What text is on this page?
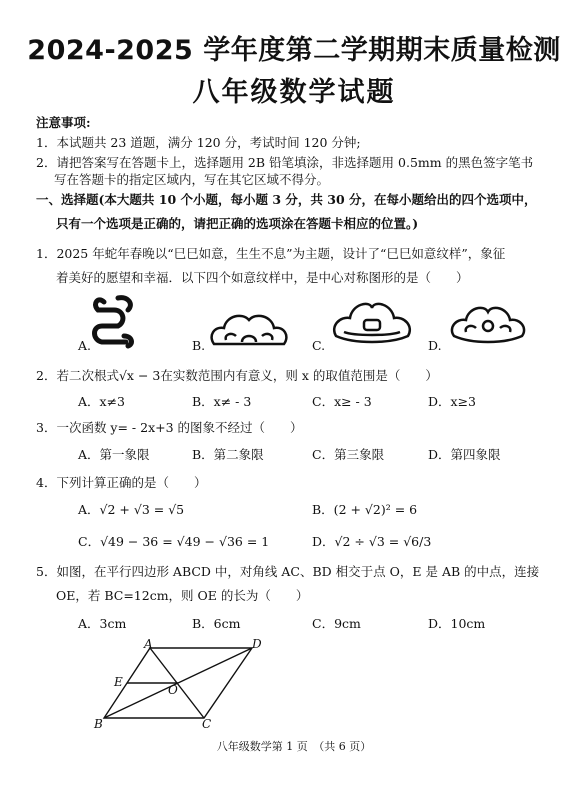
2024-2025 学年度第二学期期末质量检测
八年级数学试题
注意事项:
1．本试题共 23 道题，满分 120 分，考试时间 120 分钟;
2．请把答案写在答题卡上，选择题用 2B 铅笔填涂，非选择题用 0.5mm 的黑色签字笔书
写在答题卡的指定区域内，写在其它区域不得分。
一、选择题(本大题共 10 个小题，每小题 3 分，共 30 分，在每小题给出的四个选项中，
只有一个选项是正确的，请把正确的选项涂在答题卡相应的位置。)
1．2025 年蛇年春晚以“巳巳如意，生生不息”为主题，设计了“巳巳如意纹样”，象征
着美好的愿望和幸福．以下四个如意纹样中，是中心对称图形的是（　　）
A.	B.	C.	D.
2．若二次根式√x − 3在实数范围内有意义，则 x 的取值范围是（　　）
A．x≠3	B．x≠ - 3	C．x≥ - 3	D．x≥3
3．一次函数 y= - 2x+3 的图象不经过（　　）
A．第一象限	B．第二象限	C．第三象限	D．第四象限
4．下列计算正确的是（　　）
A．√2 + √3 = √5	B．(2 + √2)² = 6
C．√49 − 36 = √49 − √36 = 1	D．√2 ÷ √3 = √6/3
5．如图，在平行四边形 ABCD 中，对角线 AC、BD 相交于点 O，E 是 AB 的中点，连接
OE，若 BC=12cm，则 OE 的长为（　　）
A．3cm	B．6cm	C．9cm	D．10cm
A	D
E
O
B	C
八年级数学第 1 页　（共 6 页）
